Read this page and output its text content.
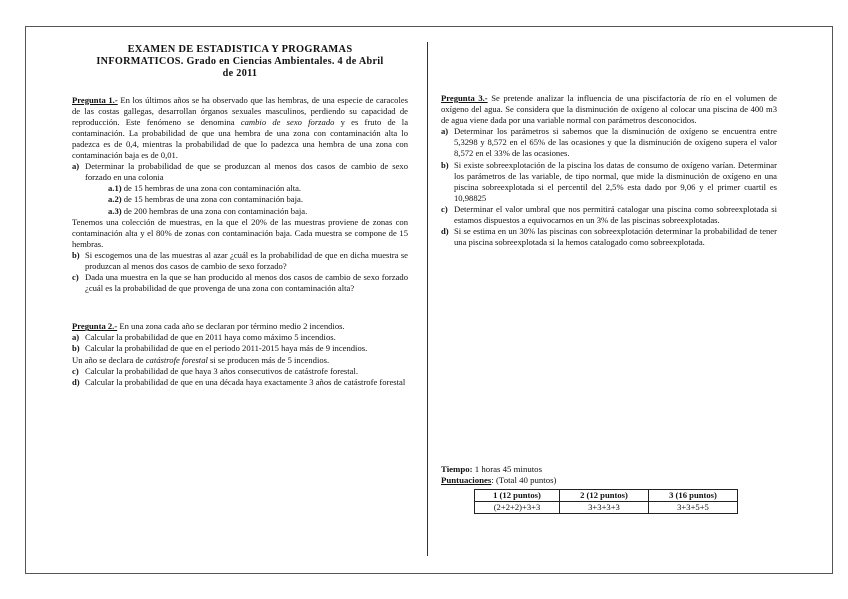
EXAMEN DE ESTADISTICA Y PROGRAMAS
INFORMATICOS. Grado en Ciencias Ambientales. 4 de Abril
de 2011

Pregunta 1.- En los últimos años se ha observado que las hembras, de una especie de caracoles de las costas gallegas, desarrollan órganos sexuales masculinos, perdiendo su capacidad de reproducción. Este fenómeno se denomina cambio de sexo forzado y es fruto de la contaminación. La probabilidad de que una hembra de una zona con contaminación alta lo padezca es de 0,4, mientras la probabilidad de que lo padezca una hembra de una zona con contaminación baja es de 0,01.

a) Determinar la probabilidad de que se produzcan al menos dos casos de cambio de sexo forzado en una colonia
a.1) de 15 hembras de una zona con contaminación alta.
a.2) de 15 hembras de una zona con contaminación baja.
a.3) de 200 hembras de una zona con contaminación baja.

Tenemos una colección de muestras, en la que el 20% de las muestras proviene de zonas con contaminación alta y el 80% de zonas con contaminación baja. Cada muestra se compone de 15 hembras.

b) Si escogemos una de las muestras al azar ¿cuál es la probabilidad de que en dicha muestra se produzcan al menos dos casos de cambio de sexo forzado?
c) Dada una muestra en la que se han producido al menos dos casos de cambio de sexo forzado ¿cuál es la probabilidad de que provenga de una zona con contaminación alta?

Pregunta 2.- En una zona cada año se declaran por término medio 2 incendios.

a) Calcular la probabilidad de que en 2011 haya como máximo 5 incendios.
b) Calcular la probabilidad de que en el periodo 2011-2015 haya más de 9 incendios.

Un año se declara de catástrofe forestal si se producen más de 5 incendios.

c) Calcular la probabilidad de que haya 3 años consecutivos de catástrofe forestal.
d) Calcular la probabilidad de que en una década haya exactamente 3 años de catástrofe forestal

Pregunta 3.- Se pretende analizar la influencia de una piscifactoría de río en el volumen de oxígeno del agua. Se considera que la disminución de oxígeno al colocar una piscina de 400 m3 de agua viene dada por una variable normal con parámetros desconocidos.

a) Determinar los parámetros si sabemos que la disminución de oxígeno se encuentra entre 5,3298 y 8,572 en el 65% de las ocasiones y que la disminución de oxígeno supera el valor 8,572 en el 33% de las ocasiones.
b) Si existe sobreexplotación de la piscina los datas de consumo de oxígeno varían. Determinar los parámetros de las variable, de tipo normal, que mide la disminución de oxígeno en una piscina sobreexplotada si el percentil del 2,5% esta dado por 9,06 y el primer cuartil es 10,98825
c) Determinar el valor umbral que nos permitirá catalogar una piscina como sobreexplotada si estamos dispuestos a equivocarnos en un 3% de las piscinas sobreexplotadas.
d) Si se estima en un 30% las piscinas con sobreexplotación determinar la probabilidad de tener una piscina sobreexplotada si la hemos catalogado como sobreexplotada.
Tiempo: 1 horas 45 minutos
Puntuaciones: (Total 40 puntos)
1 (12 puntos)	2 (12 puntos)	3 (16 puntos)
(2+2+2)+3+3	3+3+3+3	3+3+5+5
